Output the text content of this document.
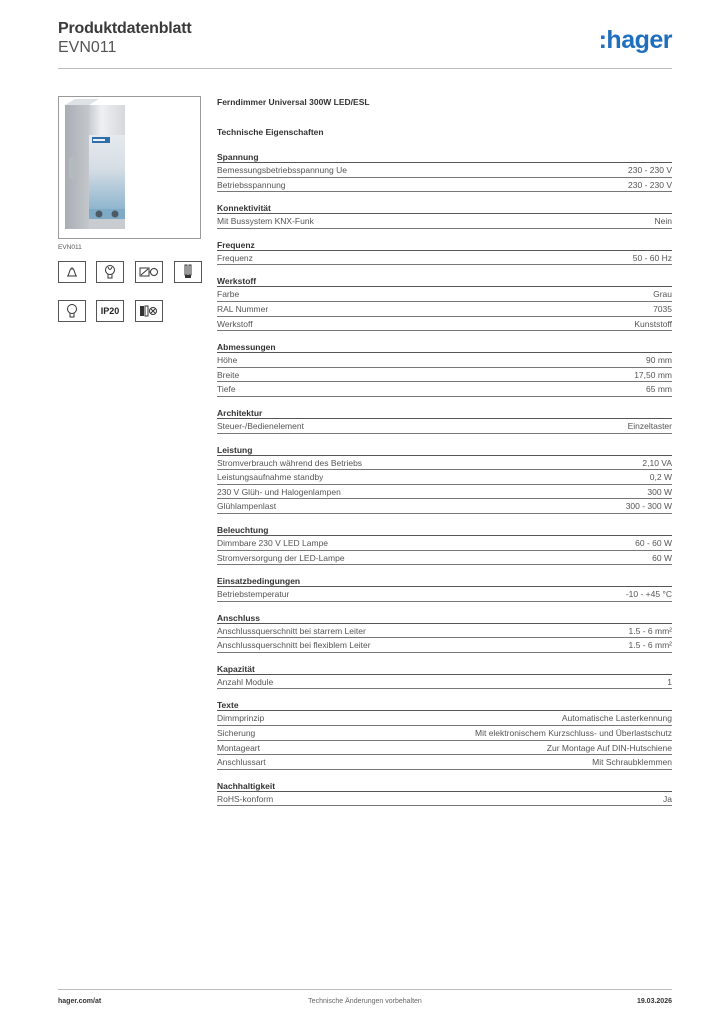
Produktdatenblatt
EVN011	:hager
EVN011
IP20
Ferndimmer Universal 300W LED/ESL
Technische Eigenschaften
Spannung
Bemessungsbetriebsspannung Ue	230 - 230 V
Betriebsspannung	230 - 230 V
Konnektivität
Mit Bussystem KNX-Funk	Nein
Frequenz
Frequenz	50 - 60 Hz
Werkstoff
Farbe	Grau
RAL Nummer	7035
Werkstoff	Kunststoff
Abmessungen
Höhe	90 mm
Breite	17,50 mm
Tiefe	65 mm
Architektur
Steuer-/Bedienelement	Einzeltaster
Leistung
Stromverbrauch während des Betriebs	2,10 VA
Leistungsaufnahme standby	0,2 W
230 V Glüh- und Halogenlampen	300 W
Glühlampenlast	300 - 300 W
Beleuchtung
Dimmbare 230 V LED Lampe	60 - 60 W
Stromversorgung der LED-Lampe	60 W
Einsatzbedingungen
Betriebstemperatur	-10 - +45 °C
Anschluss
Anschlussquerschnitt bei starrem Leiter	1.5 - 6 mm²
Anschlussquerschnitt bei flexiblem Leiter	1.5 - 6 mm²
Kapazität
Anzahl Module	1
Texte
Dimmprinzip	Automatische Lasterkennung
Sicherung	Mit elektronischem Kurzschluss- und Überlastschutz
Montageart	Zur Montage Auf DIN-Hutschiene
Anschlussart	Mit Schraubklemmen
Nachhaltigkeit
RoHS-konform	Ja
hager.com/at	Technische Änderungen vorbehalten	19.03.2026
